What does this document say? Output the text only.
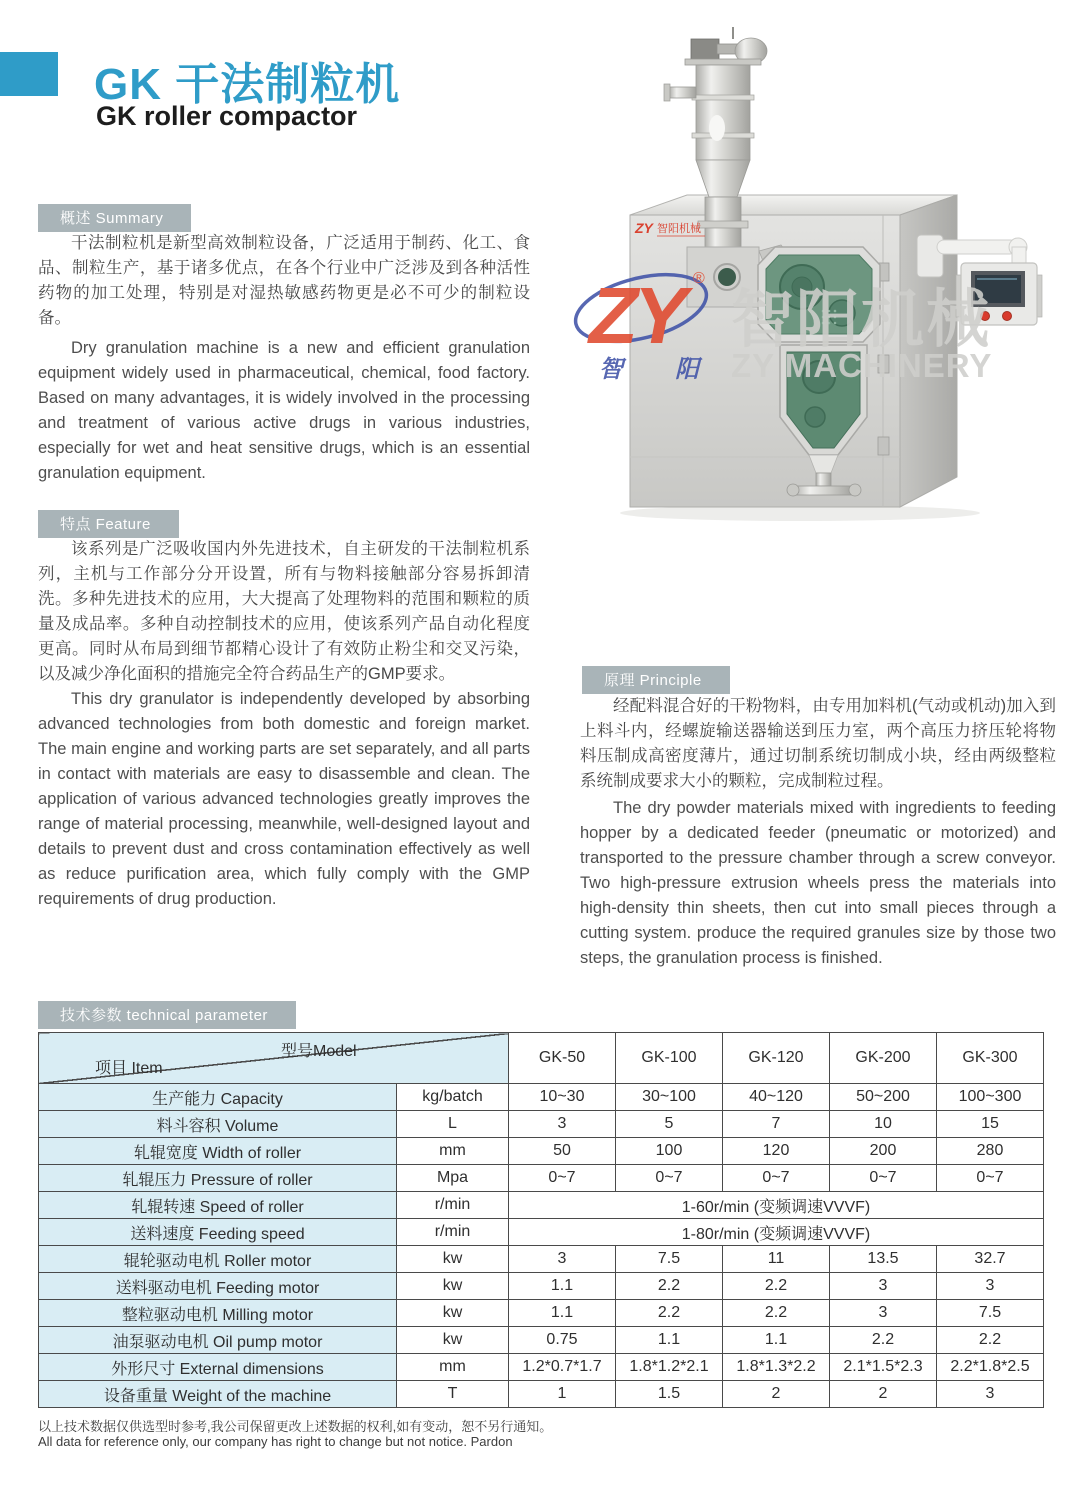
GK 干法制粒机
GK roller compactor
概述 Summary

干法制粒机是新型高效制粒设备，广泛适用于制药、化工、食品、制粒生产，基于诸多优点，在各个行业中广泛涉及到各种活性药物的加工处理，特别是对湿热敏感药物更是必不可少的制粒设备。

Dry granulation machine is a new and efficient granulation equipment widely used in pharmaceutical, chemical, food factory. Based on many advantages, it is widely involved in the processing and treatment of various active drugs in various industries, especially for wet and heat sensitive drugs, which is an essential granulation equipment.

特点 Feature

该系列是广泛吸收国内外先进技术，自主研发的干法制粒机系列，主机与工作部分分开设置，所有与物料接触部分容易拆卸清洗。多种先进技术的应用，大大提高了处理物料的范围和颗粒的质量及成品率。多种自动控制技术的应用，使该系列产品自动化程度更高。同时从布局到细节都精心设计了有效防止粉尘和交叉污染，以及减少净化面积的措施完全符合药品生产的GMP要求。

This dry granulator is independently developed by absorbing advanced technologies from both domestic and foreign market. The main engine and working parts are set separately, and all parts in contact with materials are easy to disassemble and clean. The application of various advanced technologies greatly improves the range of material processing, meanwhile, well-designed layout and details to prevent dust and cross contamination effectively as well as reduce purification area, which fully comply with the GMP requirements of drug production.

ZY 智阳机械
ZY ®
智　阳
智阳机械
ZY MACHINERY
原理 Principle

经配料混合好的干粉物料，由专用加料机(气动或机动)加入到上料斗内，经螺旋输送器输送到压力室，两个高压力挤压轮将物料压制成高密度薄片，通过切制系统切制成小块，经由两级整粒系统制成要求大小的颗粒，完成制粒过程。

The dry powder materials mixed with ingredients to feeding hopper by a dedicated feeder (pneumatic or motorized) and transported to the pressure chamber through a screw conveyor. Two high-pressure extrusion wheels press the materials into high-density thin sheets, then cut into small pieces through a cutting system. produce the required granules size by those two steps, the granulation process is finished.

技术参数 technical parameter
型号Model
项目 Item		GK-50	GK-100	GK-120	GK-200	GK-300
生产能力 Capacity	kg/batch	10~30	30~100	40~120	50~200	100~300
料斗容积 Volume	L	3	5	7	10	15
轧辊宽度 Width of roller	mm	50	100	120	200	280
轧辊压力 Pressure of roller	Mpa	0~7	0~7	0~7	0~7	0~7
轧辊转速 Speed of roller	r/min	1-60r/min (变频调速VVVF)				
送料速度 Feeding speed	r/min	1-80r/min (变频调速VVVF)				
辊轮驱动电机 Roller motor	kw	3	7.5	11	13.5	32.7
送料驱动电机 Feeding motor	kw	1.1	2.2	2.2	3	3
整粒驱动电机 Milling motor	kw	1.1	2.2	2.2	3	7.5
油泵驱动电机 Oil pump motor	kw	0.75	1.1	1.1	2.2	2.2
外形尺寸 External dimensions	mm	1.2*0.7*1.7	1.8*1.2*2.1	1.8*1.3*2.2	2.1*1.5*2.3	2.2*1.8*2.5
设备重量 Weight of the machine	T	1	1.5	2	2	3

以上技术数据仅供选型时参考,我公司保留更改上述数据的权利,如有变动，恕不另行通知。

All data for reference only, our company has right to change but not notice. Pardon
